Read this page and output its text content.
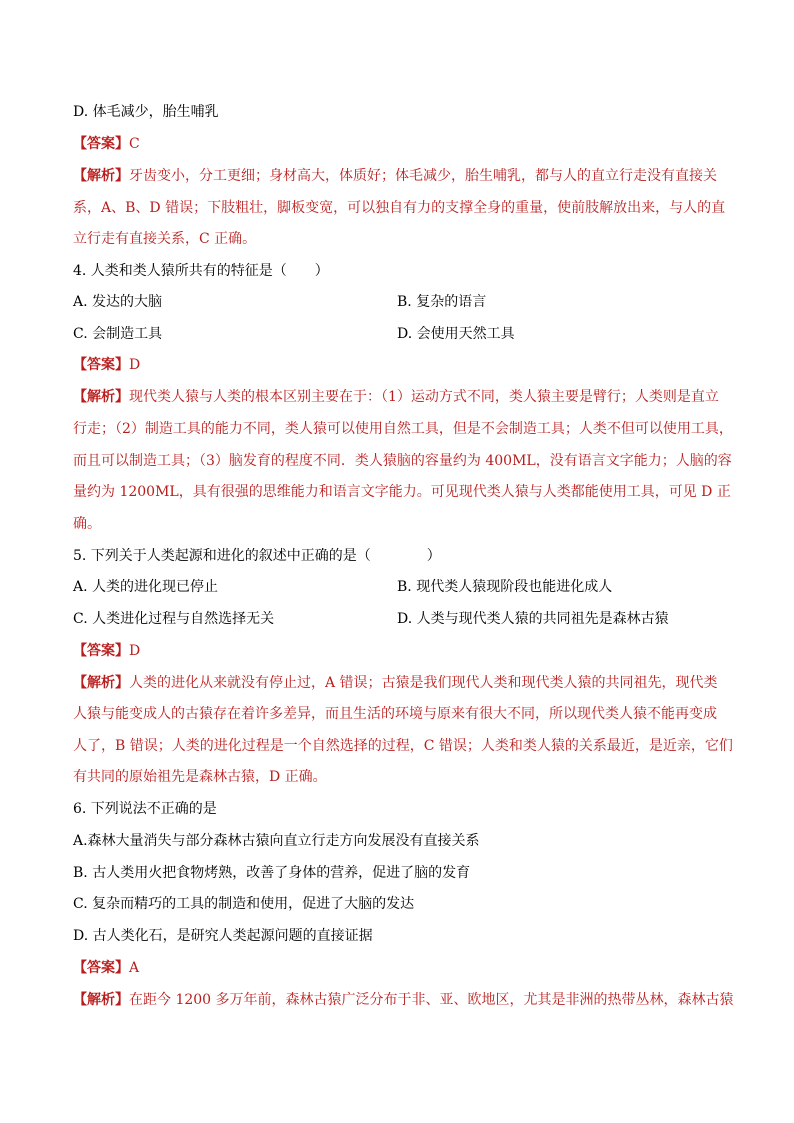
D. 体毛减少，胎生哺乳
【答案】C
【解析】牙齿变小，分工更细；身材高大，体质好；体毛减少，胎生哺乳，都与人的直立行走没有直接关
系，A、B、D 错误；下肢粗壮，脚板变宽，可以独自有力的支撑全身的重量，使前肢解放出来，与人的直
立行走有直接关系，C 正确。
4. 人类和类人猿所共有的特征是（　　）
A. 发达的大脑	B. 复杂的语言
C. 会制造工具	D. 会使用天然工具
【答案】D
【解析】现代类人猿与人类的根本区别主要在于：（1）运动方式不同，类人猿主要是臂行；人类则是直立
行走；（2）制造工具的能力不同，类人猿可以使用自然工具，但是不会制造工具；人类不但可以使用工具，
而且可以制造工具；（3）脑发育的程度不同．类人猿脑的容量约为 400ML，没有语言文字能力；人脑的容
量约为 1200ML，具有很强的思维能力和语言文字能力。可见现代类人猿与人类都能使用工具，可见 D 正
确。
5. 下列关于人类起源和进化的叙述中正确的是（　　　　）
A. 人类的进化现已停止	B. 现代类人猿现阶段也能进化成人
C. 人类进化过程与自然选择无关	D. 人类与现代类人猿的共同祖先是森林古猿
【答案】D
【解析】人类的进化从来就没有停止过，A 错误；古猿是我们现代人类和现代类人猿的共同祖先，现代类
人猿与能变成人的古猿存在着许多差异，而且生活的环境与原来有很大不同，所以现代类人猿不能再变成
人了，B 错误；人类的进化过程是一个自然选择的过程，C 错误；人类和类人猿的关系最近，是近亲，它们
有共同的原始祖先是森林古猿，D 正确。
6. 下列说法不正确的是
A.森林大量消失与部分森林古猿向直立行走方向发展没有直接关系
B. 古人类用火把食物烤熟，改善了身体的营养，促进了脑的发育
C. 复杂而精巧的工具的制造和使用，促进了大脑的发达
D. 古人类化石，是研究人类起源问题的直接证据
【答案】A
【解析】在距今 1200 多万年前，森林古猿广泛分布于非、亚、欧地区，尤其是非洲的热带丛林，森林古猿
